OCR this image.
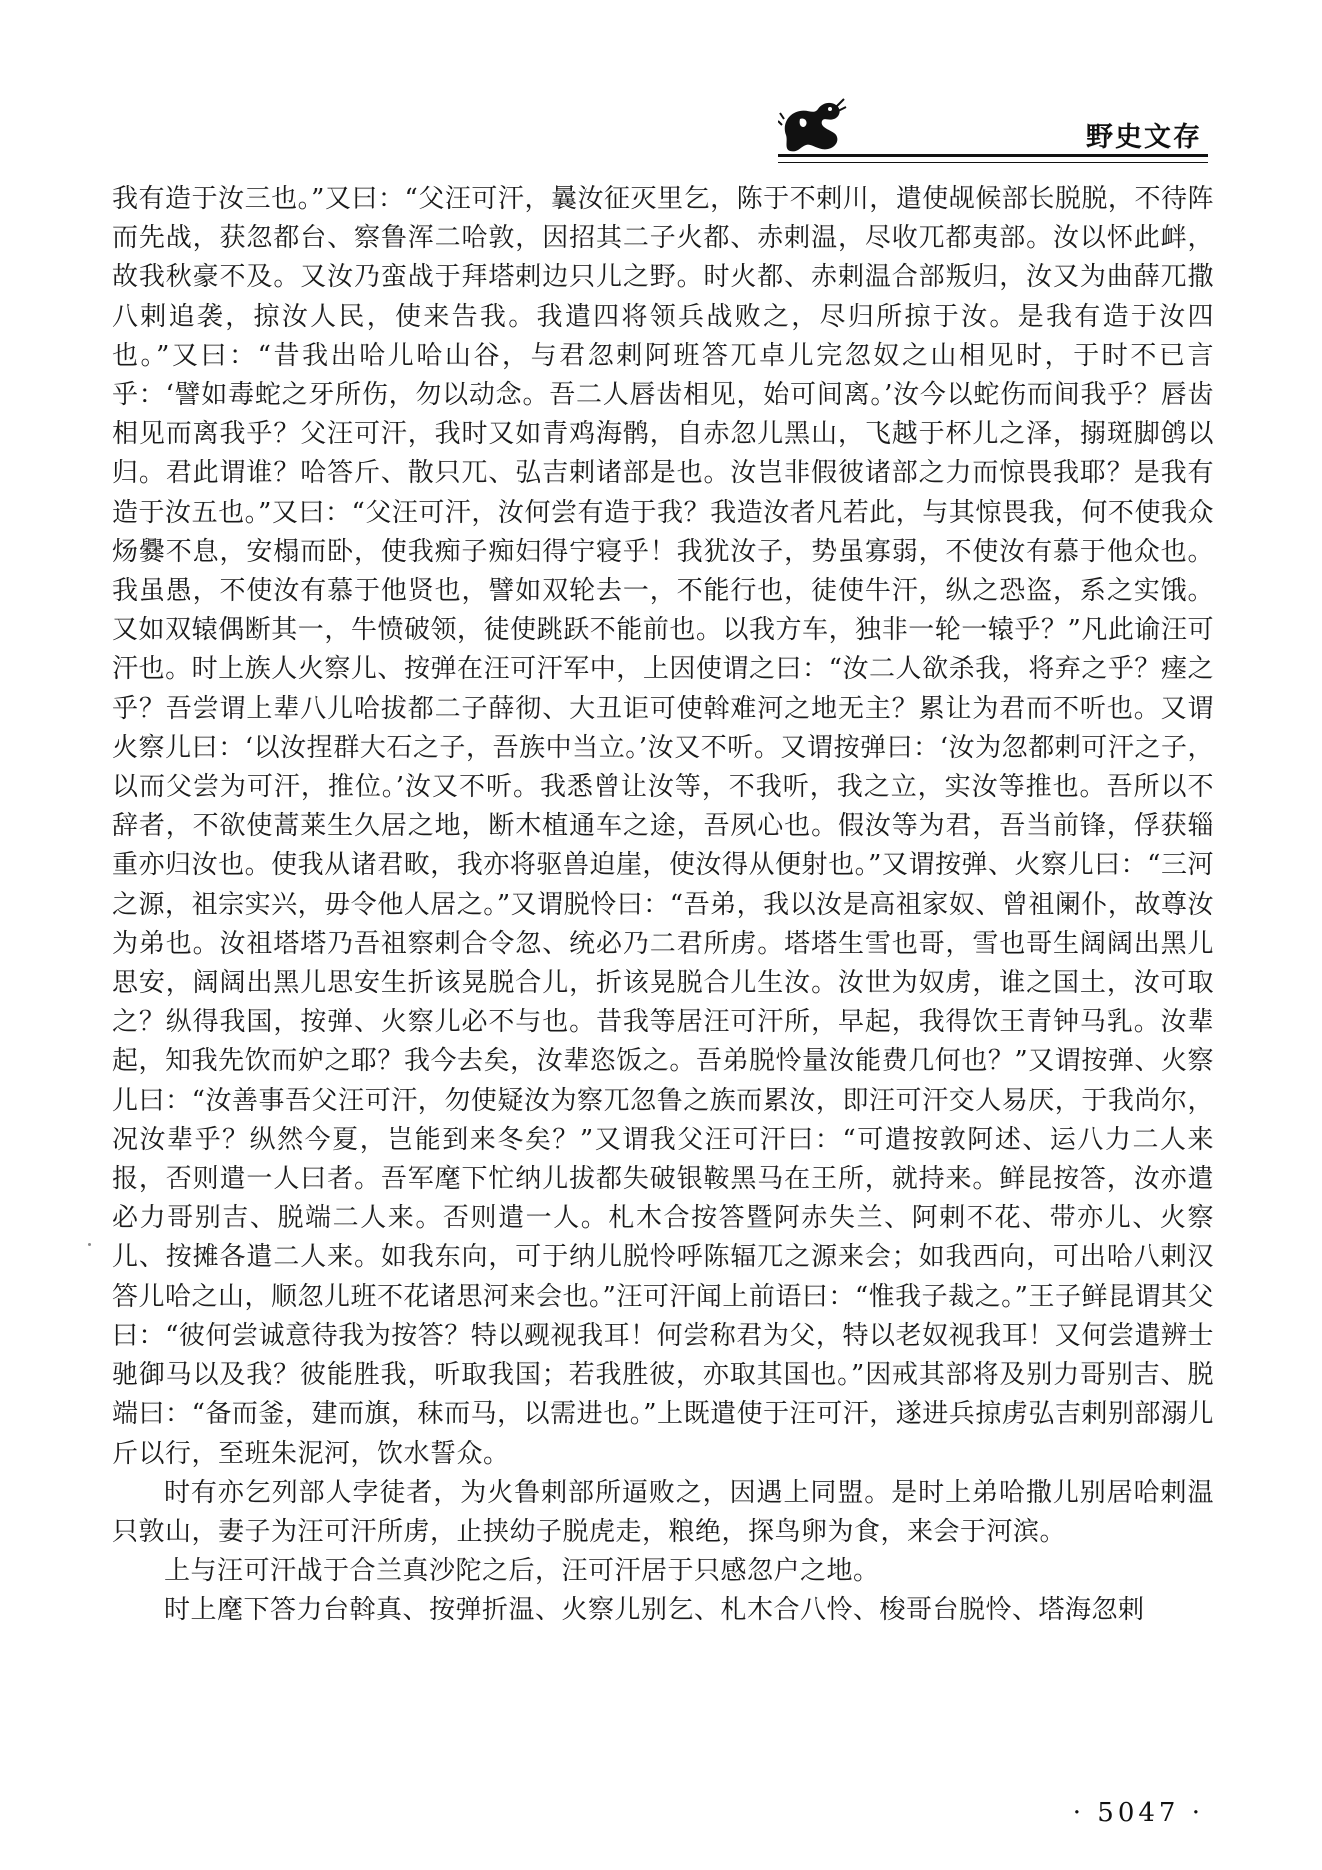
野史文存

我有造于汝三也。”又曰：“父汪可汗，曩汝征灭里乞，陈于不剌川，遣使觇候部长脱脱，不待阵而先战，获忽都台、察鲁浑二哈敦，因招其二子火都、赤剌温，尽收兀都夷部。汝以怀此衅，故我秋豪不及。又汝乃蛮战于拜塔剌边只儿之野。时火都、赤剌温合部叛归，汝又为曲薛兀撒八剌追袭，掠汝人民，使来告我。我遣四将领兵战败之，尽归所掠于汝。是我有造于汝四也。”又曰：“昔我出哈儿哈山谷，与君忽剌阿班答兀卓儿完忽奴之山相见时，于时不已言乎：‘譬如毒蛇之牙所伤，勿以动念。吾二人唇齿相见，始可间离。’汝今以蛇伤而间我乎？唇齿相见而离我乎？父汪可汗，我时又如青鸡海鹘，自赤忽儿黑山，飞越于杯儿之泽，搦斑脚鸧以归。君此谓谁？哈答斤、散只兀、弘吉剌诸部是也。汝岂非假彼诸部之力而惊畏我耶？是我有造于汝五也。”又曰：“父汪可汗，汝何尝有造于我？我造汝者凡若此，与其惊畏我，何不使我众炀爨不息，安榻而卧，使我痴子痴妇得宁寝乎！我犹汝子，势虽寡弱，不使汝有慕于他众也。我虽愚，不使汝有慕于他贤也，譬如双轮去一，不能行也，徒使牛汗，纵之恐盗，系之实饿。又如双辕偶断其一，牛愤破领，徒使跳跃不能前也。以我方车，独非一轮一辕乎？”凡此谕汪可汗也。时上族人火察儿、按弹在汪可汗军中，上因使谓之曰：“汝二人欲杀我，将弃之乎？瘗之乎？吾尝谓上辈八儿哈拔都二子薛彻、大丑讵可使斡难河之地无主？累让为君而不听也。又谓火察儿曰：‘以汝捏群大石之子，吾族中当立。’汝又不听。又谓按弹曰：‘汝为忽都剌可汗之子，以而父尝为可汗，推位。’汝又不听。我悉曾让汝等，不我听，我之立，实汝等推也。吾所以不辞者，不欲使蒿莱生久居之地，断木植通车之途，吾夙心也。假汝等为君，吾当前锋，俘获辎重亦归汝也。使我从诸君畋，我亦将驱兽迫崖，使汝得从便射也。”又谓按弹、火察儿曰：“三河之源，祖宗实兴，毋令他人居之。”又谓脱怜曰：“吾弟，我以汝是高祖家奴、曾祖阑仆，故尊汝为弟也。汝祖塔塔乃吾祖察剌合令忽、统必乃二君所虏。塔塔生雪也哥，雪也哥生阔阔出黑儿思安，阔阔出黑儿思安生折该晃脱合儿，折该晃脱合儿生汝。汝世为奴虏，谁之国土，汝可取之？纵得我国，按弹、火察儿必不与也。昔我等居汪可汗所，早起，我得饮王青钟马乳。汝辈起，知我先饮而妒之耶？我今去矣，汝辈恣饭之。吾弟脱怜量汝能费几何也？”又谓按弹、火察儿曰：“汝善事吾父汪可汗，勿使疑汝为察兀忽鲁之族而累汝，即汪可汗交人易厌，于我尚尔，况汝辈乎？纵然今夏，岂能到来冬矣？”又谓我父汪可汗曰：“可遣按敦阿述、运八力二人来报，否则遣一人曰者。吾军麾下忙纳儿拔都失破银鞍黑马在王所，就持来。鲜昆按答，汝亦遣必力哥别吉、脱端二人来。否则遣一人。札木合按答暨阿赤失兰、阿剌不花、带亦儿、火察儿、按摊各遣二人来。如我东向，可于纳儿脱怜呼陈辐兀之源来会；如我西向，可出哈八剌汉答儿哈之山，顺忽儿班不花诸思河来会也。”汪可汗闻上前语曰：“惟我子裁之。”王子鲜昆谓其父曰：“彼何尝诚意待我为按答？特以觋视我耳！何尝称君为父，特以老奴视我耳！又何尝遣辨士驰御马以及我？彼能胜我，听取我国；若我胜彼，亦取其国也。”因戒其部将及别力哥别吉、脱端曰：“备而釜，建而旗，秣而马，以需进也。”上既遣使于汪可汗，遂进兵掠虏弘吉剌别部溺儿斤以行，至班朱泥河，饮水誓众。

时有亦乞列部人孛徒者，为火鲁剌部所逼败之，因遇上同盟。是时上弟哈撒儿别居哈剌温只敦山，妻子为汪可汗所虏，止挟幼子脱虎走，粮绝，探鸟卵为食，来会于河滨。

上与汪可汗战于合兰真沙陀之后，汪可汗居于只感忽户之地。

时上麾下答力台斡真、按弹折温、火察儿别乞、札木合八怜、梭哥台脱怜、塔海忽剌

· 5047 ·
